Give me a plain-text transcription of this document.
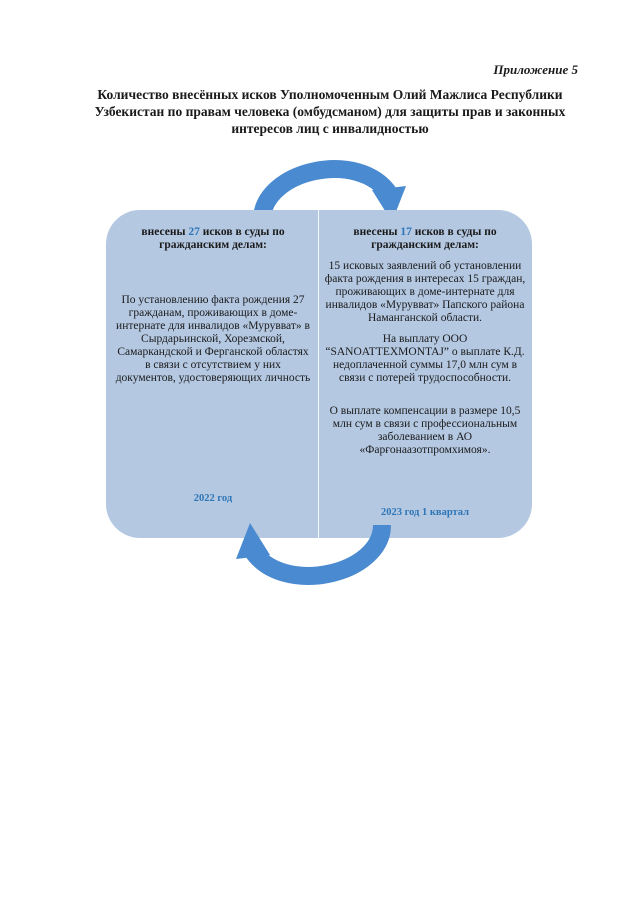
Приложение 5
Количество внесённых исков Уполномоченным Олий Мажлиса Республики Узбекистан по правам человека (омбудсманом) для защиты прав и законных интересов лиц с инвалидностью
внесены 27 исков в суды по гражданским делам:

По установлению факта рождения 27 гражданам, проживающих в доме-интернате для инвалидов «Мурувват» в Сырдарьинской, Хорезмской, Самаркандской и Ферганской областях в связи с отсутствием у них документов, удостоверяющих личность

2022 год
внесены 17 исков в суды по гражданским делам:

15 исковых заявлений об установлении факта рождения в интересах 15 граждан, проживающих в доме-интернате для инвалидов «Мурувват» Папского района Наманганской области.

На выплату ООО “SANOATTEXMONTAJ” о выплате К.Д. недоплаченной суммы 17,0 млн сум в связи с потерей трудоспособности.

О выплате компенсации в размере 10,5 млн сум в связи с профессиональным заболеванием в АО «Фарғонаазотпромхимоя».

2023 год 1 квартал
